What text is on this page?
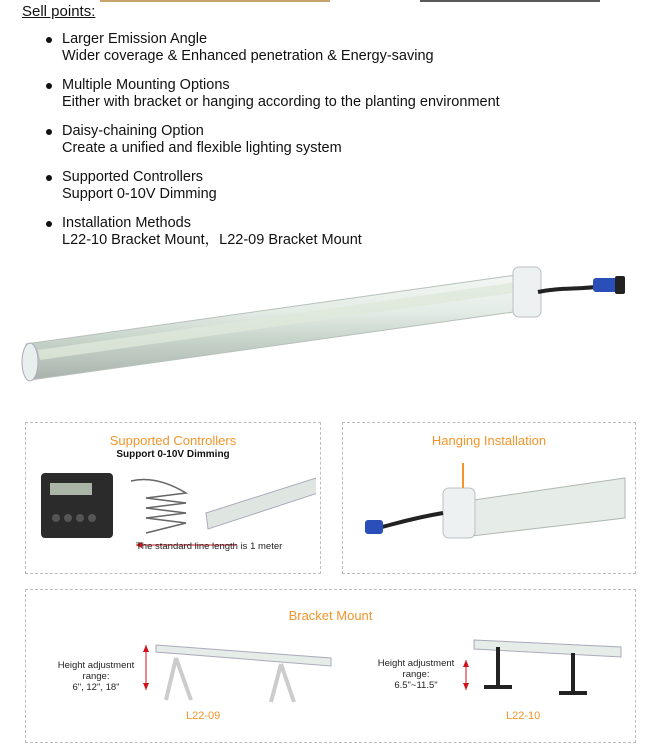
Sell points:
Larger Emission Angle
Wider coverage & Enhanced penetration & Energy-saving
Multiple Mounting Options
Either with bracket or hanging according to the planting environment
Daisy-chaining Option
Create a unified and flexible lighting system
Supported Controllers
Support 0-10V Dimming
Installation Methods
L22-10 Bracket Mount，L22-09 Bracket Mount
Supported Controllers
Support 0-10V Dimming
The standard line length is 1 meter
Hanging Installation
Bracket Mount
Height adjustment range:
6", 12", 18"
L22-09
Height adjustment range:
6.5"~11.5"
L22-10
